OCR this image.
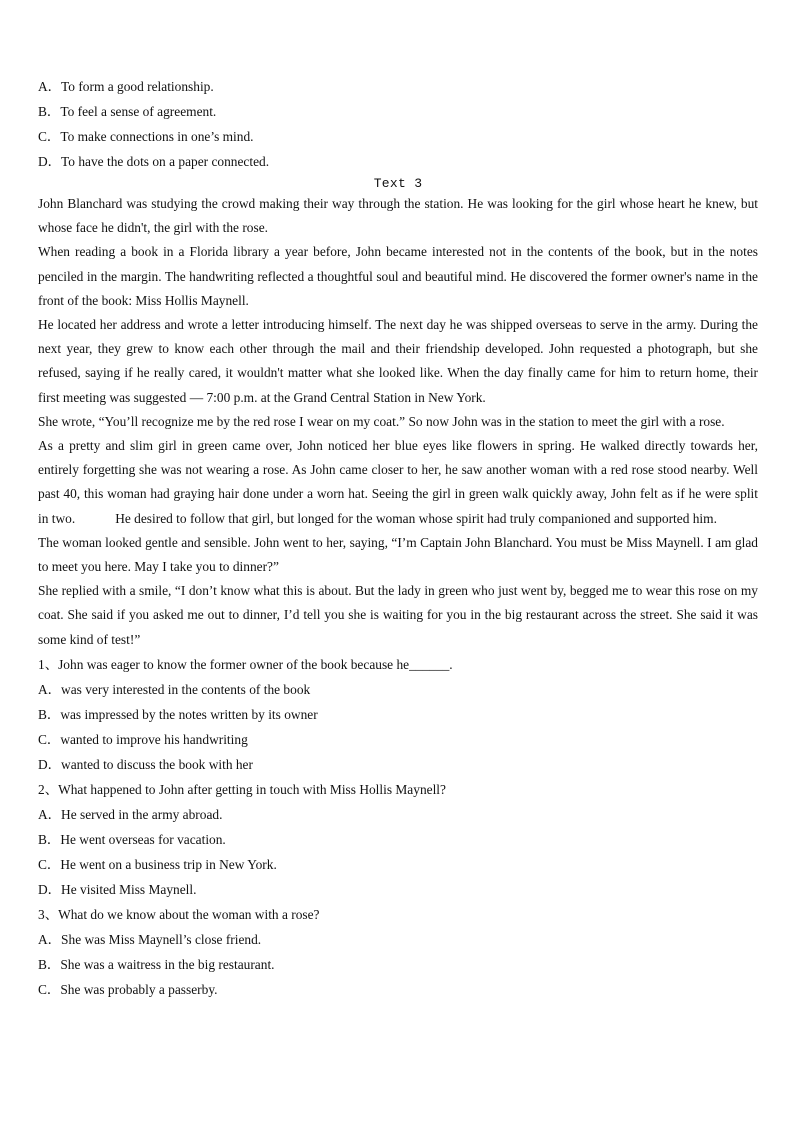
A．To form a good relationship.

B．To feel a sense of agreement.

C．To make connections in one’s mind.

D．To have the dots on a paper connected.

Text 3

John Blanchard was studying the crowd making their way through the station. He was looking for the girl whose heart he knew, but whose face he didn't, the girl with the rose.

When reading a book in a Florida library a year before, John became interested not in the contents of the book, but in the notes penciled in the margin. The handwriting reflected a thoughtful soul and beautiful mind. He discovered the former owner's name in the front of the book: Miss Hollis Maynell.

He located her address and wrote a letter introducing himself. The next day he was shipped overseas to serve in the army. During the next year, they grew to know each other through the mail and their friendship developed. John requested a photograph, but she refused, saying if he really cared, it wouldn't matter what she looked like. When the day finally came for him to return home, their first meeting was suggested — 7:00 p.m. at the Grand Central Station in New York.

She wrote, “You’ll recognize me by the red rose I wear on my coat.” So now John was in the station to meet the girl with a rose.

As a pretty and slim girl in green came over, John noticed her blue eyes like flowers in spring. He walked directly towards her, entirely forgetting she was not wearing a rose. As John came closer to her, he saw another woman with a red rose stood nearby. Well past 40, this woman had graying hair done under a worn hat. Seeing the girl in green walk quickly away, John felt as if he were split in two.	He desired to follow that girl, but longed for the woman whose spirit had truly companioned and supported him.

The woman looked gentle and sensible. John went to her, saying, “I’m Captain John Blanchard. You must be Miss Maynell. I am glad to meet you here. May I take you to dinner?”

She replied with a smile, “I don’t know what this is about. But the lady in green who just went by, begged me to wear this rose on my coat. She said if you asked me out to dinner, I’d tell you she is waiting for you in the big restaurant across the street. She said it was some kind of test!”

1、John was eager to know the former owner of the book because he______.

A．was very interested in the contents of the book

B．was impressed by the notes written by its owner

C．wanted to improve his handwriting

D．wanted to discuss the book with her

2、What happened to John after getting in touch with Miss Hollis Maynell?

A．He served in the army abroad.

B．He went overseas for vacation.

C．He went on a business trip in New York.

D．He visited Miss Maynell.

3、What do we know about the woman with a rose?

A．She was Miss Maynell’s close friend.

B．She was a waitress in the big restaurant.

C．She was probably a passerby.
